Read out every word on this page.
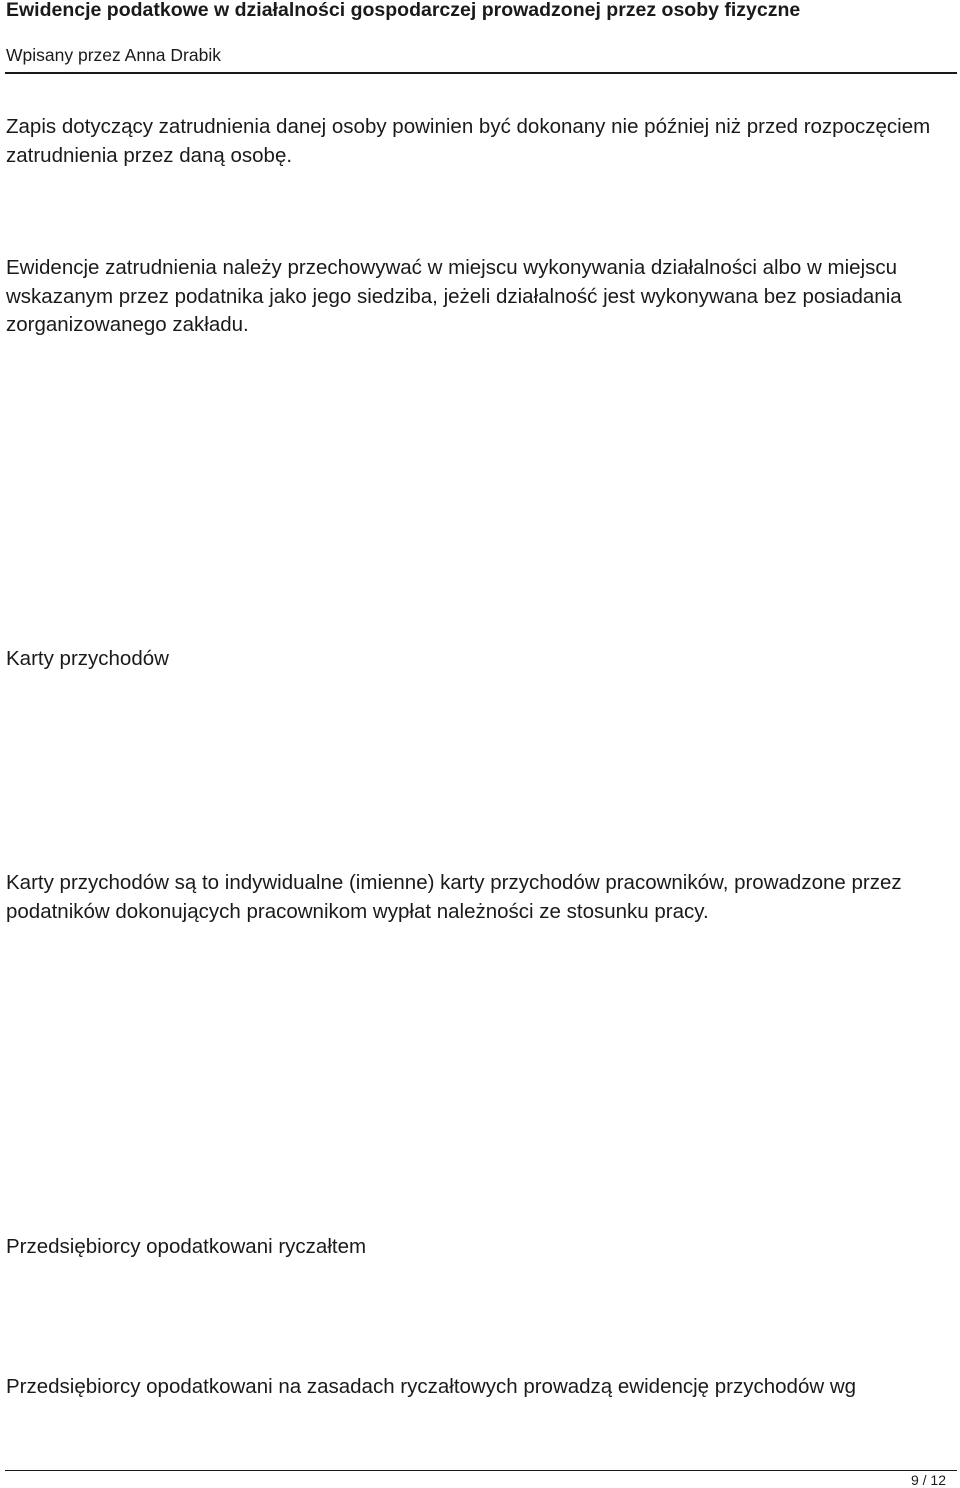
Ewidencje podatkowe w działalności gospodarczej prowadzonej przez osoby fizyczne
Wpisany przez Anna Drabik

Zapis dotyczący zatrudnienia danej osoby powinien być dokonany nie później niż przed rozpoczęciem zatrudnienia przez daną osobę.

Ewidencje zatrudnienia należy przechowywać w miejscu wykonywania działalności albo w miejscu wskazanym przez podatnika jako jego siedziba, jeżeli działalność jest wykonywana bez posiadania zorganizowanego zakładu.

Karty przychodów

Karty przychodów są to indywidualne (imienne) karty przychodów pracowników, prowadzone przez podatników dokonujących pracownikom wypłat należności ze stosunku pracy.

Przedsiębiorcy opodatkowani ryczałtem

Przedsiębiorcy opodatkowani na zasadach ryczałtowych prowadzą ewidencję przychodów wg

9 / 12
